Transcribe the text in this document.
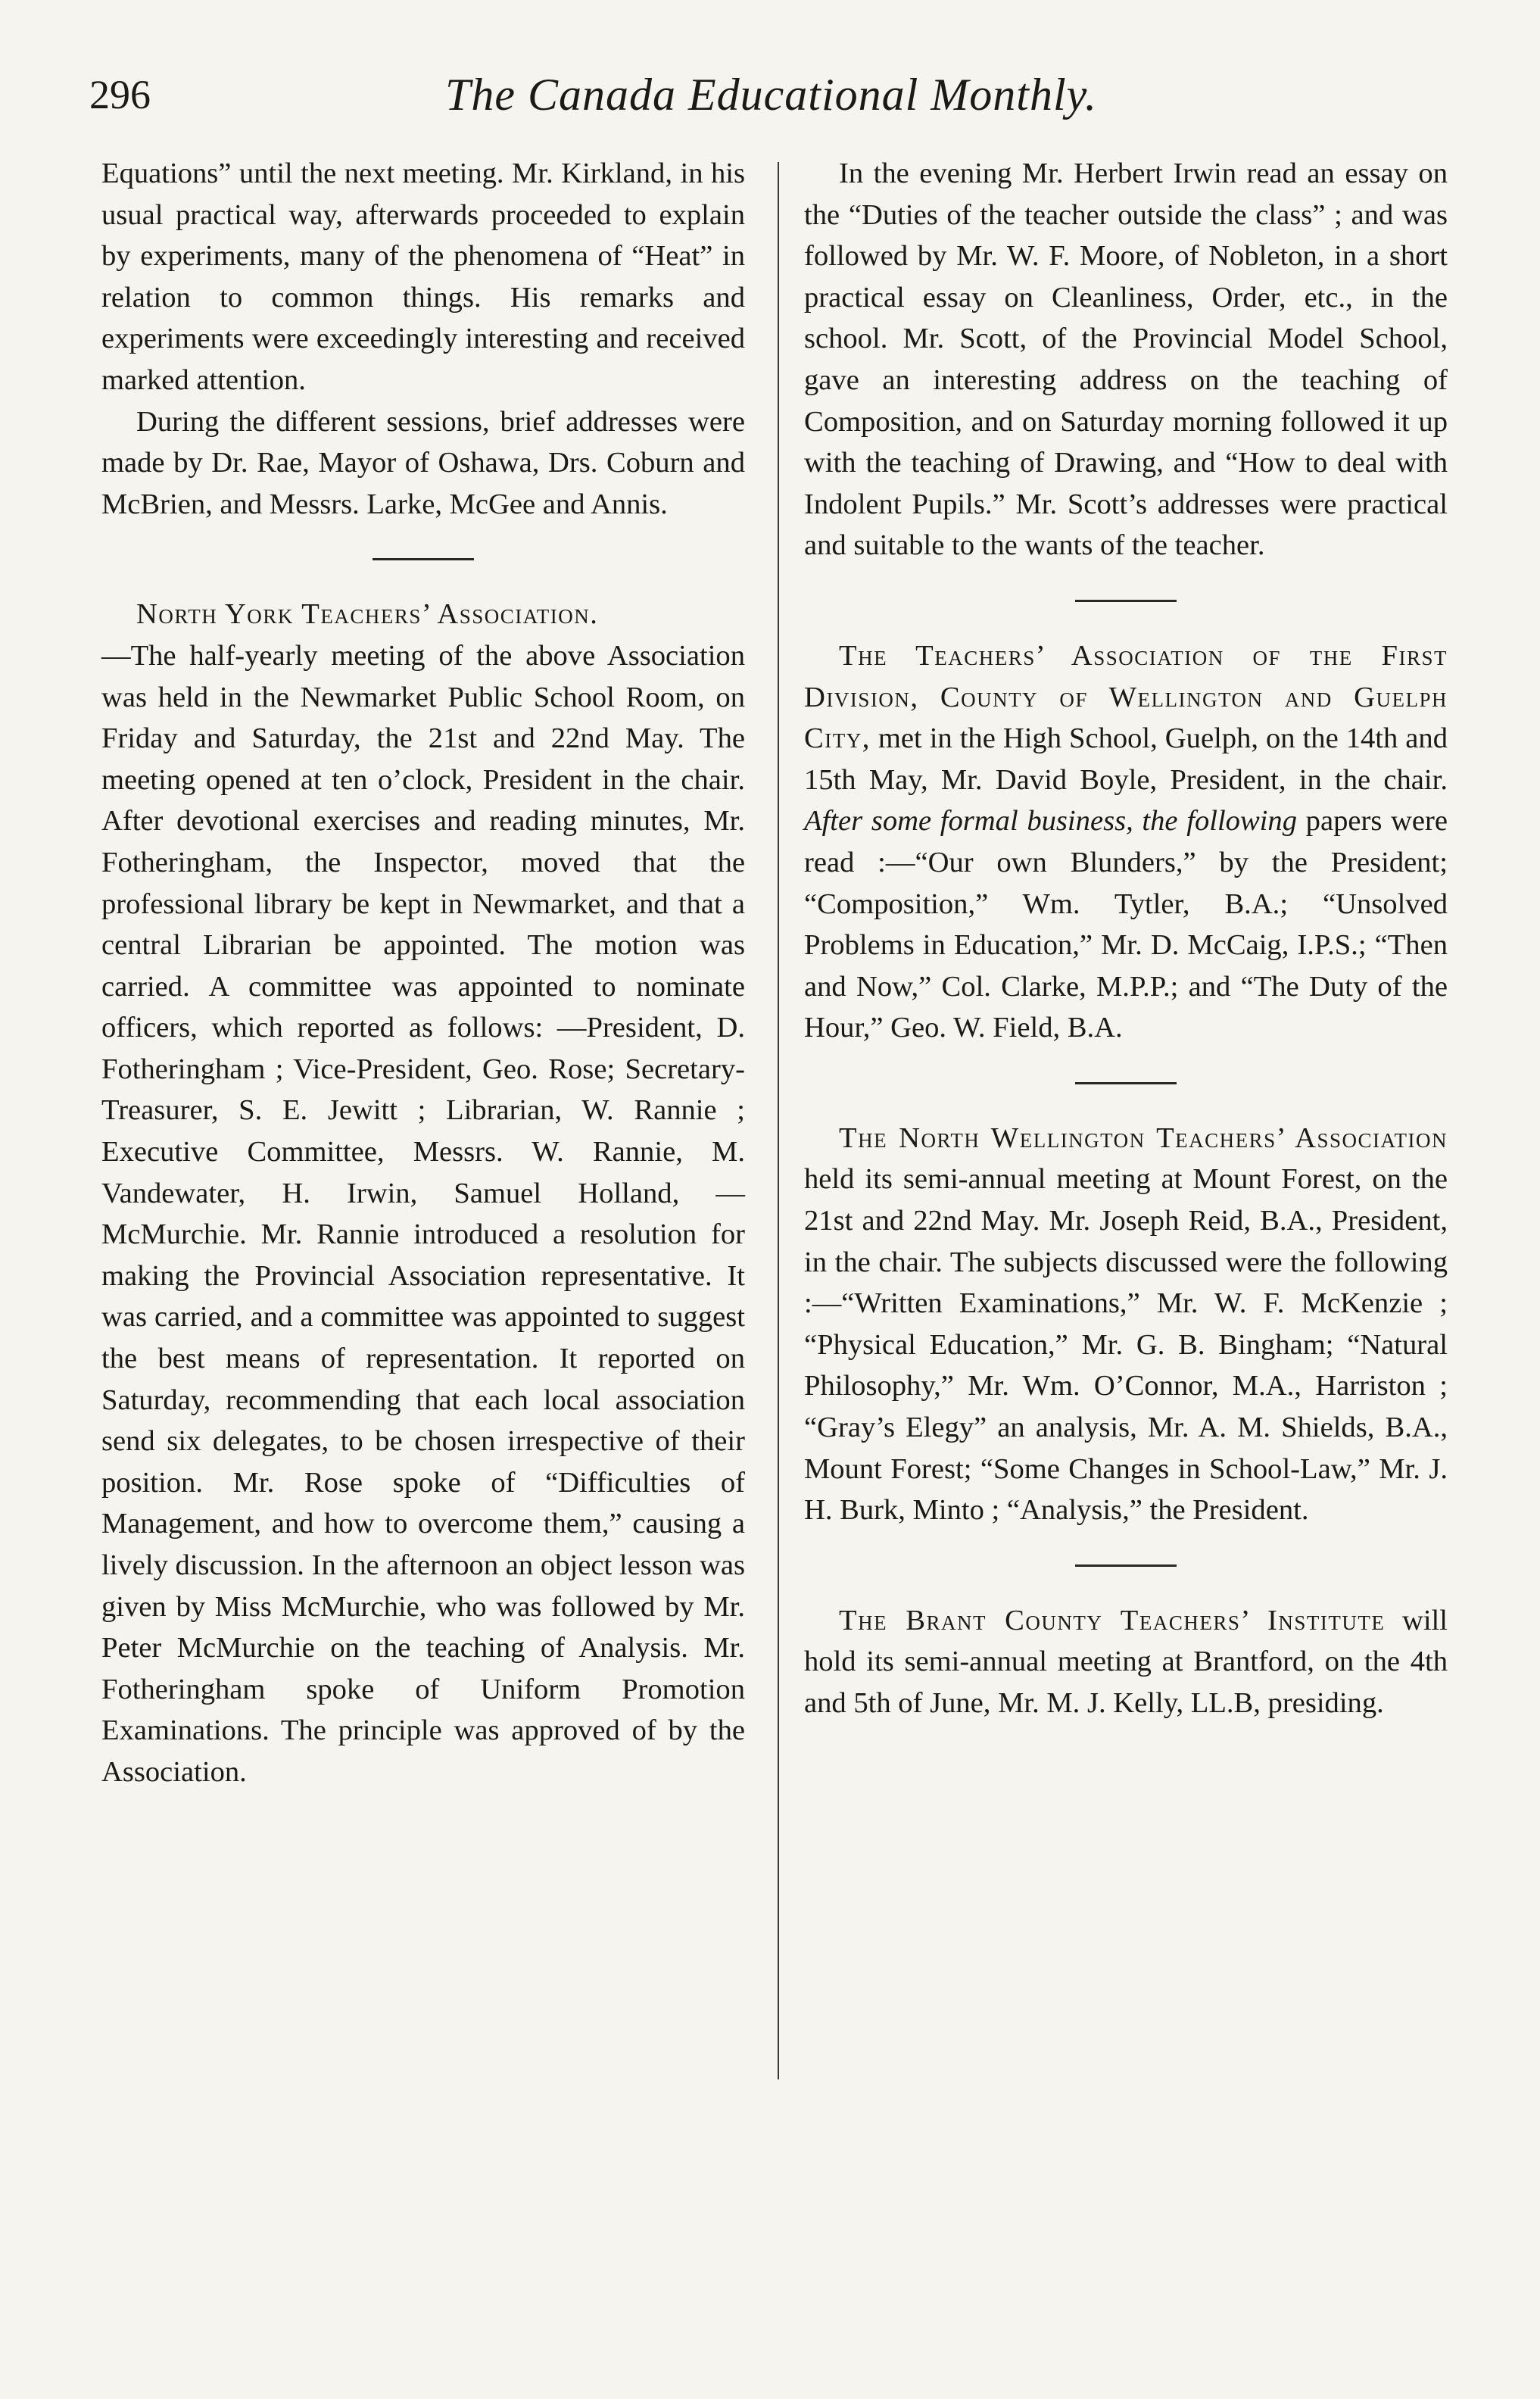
296	The Canada Educational Monthly.

Equations” until the next meeting. Mr. Kirkland, in his usual practical way, afterwards proceeded to explain by experiments, many of the phenomena of “Heat” in relation to common things. His remarks and experiments were exceedingly interesting and received marked attention.

During the different sessions, brief addresses were made by Dr. Rae, Mayor of Oshawa, Drs. Coburn and McBrien, and Messrs. Larke, McGee and Annis.

North York Teachers’ Association.
—The half-yearly meeting of the above Association was held in the Newmarket Public School Room, on Friday and Saturday, the 21st and 22nd May. The meeting opened at ten o’clock, President in the chair. After devotional exercises and reading minutes, Mr. Fotheringham, the Inspector, moved that the professional library be kept in Newmarket, and that a central Librarian be appointed. The motion was carried. A committee was appointed to nominate officers, which reported as follows: —President, D. Fotheringham ; Vice-President, Geo. Rose; Secretary-Treasurer, S. E. Jewitt ; Librarian, W. Rannie ; Executive Committee, Messrs. W. Rannie, M. Vandewater, H. Irwin, Samuel Holland, — McMurchie. Mr. Rannie introduced a resolution for making the Provincial Association representative. It was carried, and a committee was appointed to suggest the best means of representation. It reported on Saturday, recommending that each local association send six delegates, to be chosen irrespective of their position. Mr. Rose spoke of “Difficulties of Management, and how to overcome them,” causing a lively discussion. In the afternoon an object lesson was given by Miss McMurchie, who was followed by Mr. Peter McMurchie on the teaching of Analysis. Mr. Fotheringham spoke of Uniform Promotion Examinations. The principle was approved of by the Association.

In the evening Mr. Herbert Irwin read an essay on the “Duties of the teacher outside the class” ; and was followed by Mr. W. F. Moore, of Nobleton, in a short practical essay on Cleanliness, Order, etc., in the school. Mr. Scott, of the Provincial Model School, gave an interesting address on the teaching of Composition, and on Saturday morning followed it up with the teaching of Drawing, and “How to deal with Indolent Pupils.” Mr. Scott’s addresses were practical and suitable to the wants of the teacher.

The Teachers’ Association of the First Division, County of Wellington and Guelph City, met in the High School, Guelph, on the 14th and 15th May, Mr. David Boyle, President, in the chair. After some formal business, the following papers were read :—“Our own Blunders,” by the President; “Composition,” Wm. Tytler, B.A.; “Unsolved Problems in Education,” Mr. D. McCaig, I.P.S.; “Then and Now,” Col. Clarke, M.P.P.; and “The Duty of the Hour,” Geo. W. Field, B.A.

The North Wellington Teachers’ Association held its semi-annual meeting at Mount Forest, on the 21st and 22nd May. Mr. Joseph Reid, B.A., President, in the chair. The subjects discussed were the following :—“Written Examinations,” Mr. W. F. McKenzie ; “Physical Education,” Mr. G. B. Bingham; “Natural Philosophy,” Mr. Wm. O’Connor, M.A., Harriston ; “Gray’s Elegy” an analysis, Mr. A. M. Shields, B.A., Mount Forest; “Some Changes in School-Law,” Mr. J. H. Burk, Minto ; “Analysis,” the President.

The Brant County Teachers’ Institute will hold its semi-annual meeting at Brantford, on the 4th and 5th of June, Mr. M. J. Kelly, LL.B, presiding.
